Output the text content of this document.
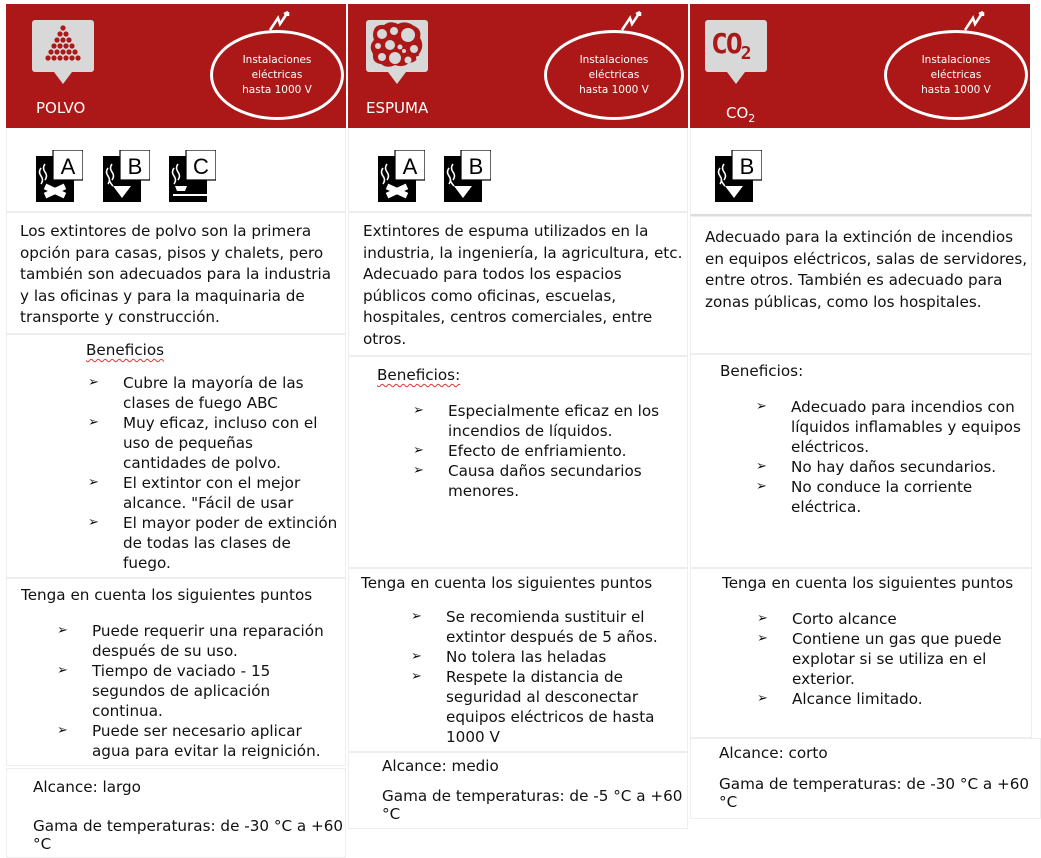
POLVO
Instalaciones
eléctricas
hasta 1000 V
A B C
Los extintores de polvo son la primera opción para casas, pisos y chalets, pero también son adecuados para la industria y las oficinas y para la maquinaria de transporte y construcción.
Beneficios
➢ Cubre la mayoría de las clases de fuego ABC
➢ Muy eficaz, incluso con el uso de pequeñas cantidades de polvo.
➢ El extintor con el mejor alcance. "Fácil de usar
➢ El mayor poder de extinción de todas las clases de fuego.
Tenga en cuenta los siguientes puntos
➢ Puede requerir una reparación después de su uso.
➢ Tiempo de vaciado - 15 segundos de aplicación continua.
➢ Puede ser necesario aplicar agua para evitar la reignición.
Alcance: largo
Gama de temperaturas: de -30 °C a +60 °C
ESPUMA
Instalaciones
eléctricas
hasta 1000 V
A B
Extintores de espuma utilizados en la industria, la ingeniería, la agricultura, etc. Adecuado para todos los espacios públicos como oficinas, escuelas, hospitales, centros comerciales, entre otros.
Beneficios:
➢ Especialmente eficaz en los incendios de líquidos.
➢ Efecto de enfriamiento.
➢ Causa daños secundarios menores.
Tenga en cuenta los siguientes puntos
➢ Se recomienda sustituir el extintor después de 5 años.
➢ No tolera las heladas
➢ Respete la distancia de seguridad al desconectar equipos eléctricos de hasta 1000 V
Alcance: medio
Gama de temperaturas: de -5 °C a +60 °C
$CO_2$
$CO_2$
Instalaciones
eléctricas
hasta 1000 V
B
Adecuado para la extinción de incendios en equipos eléctricos, salas de servidores, entre otros. También es adecuado para zonas públicas, como los hospitales.
Beneficios:
➢ Adecuado para incendios con líquidos inflamables y equipos eléctricos.
➢ No hay daños secundarios.
➢ No conduce la corriente eléctrica.
Tenga en cuenta los siguientes puntos
➢ Corto alcance
➢ Contiene un gas que puede explotar si se utiliza en el exterior.
➢ Alcance limitado.
Alcance: corto
Gama de temperaturas: de -30 °C a +60 °C
